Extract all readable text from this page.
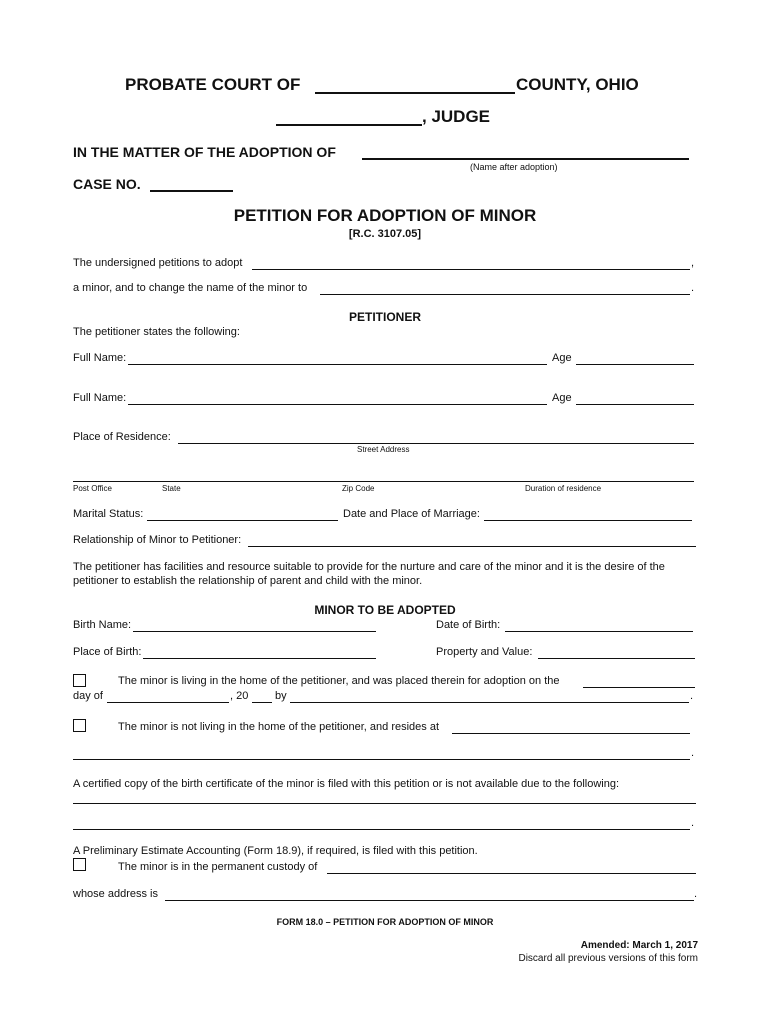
PROBATE COURT OF	COUNTY, OHIO
, JUDGE
IN THE MATTER OF THE ADOPTION OF
(Name after adoption)
CASE NO.
PETITION FOR ADOPTION OF MINOR
[R.C. 3107.05]
The undersigned petitions to adopt	,
a minor, and to change the name of the minor to	.
PETITIONER
The petitioner states the following:
Full Name:	Age
Full Name:	Age
Place of Residence:
Street Address
Post Office	State	Zip Code	Duration of residence
Marital Status:	Date and Place of Marriage:
Relationship of Minor to Petitioner:
The petitioner has facilities and resource suitable to provide for the nurture and care of the minor and it is the desire of the
petitioner to establish the relationship of parent and child with the minor.
MINOR TO BE ADOPTED
Birth Name:	Date of Birth:
Place of Birth:	Property and Value:
The minor is living in the home of the petitioner, and was placed therein for adoption on the
day of	, 20 by	.
The minor is not living in the home of the petitioner, and resides at
.
A certified copy of the birth certificate of the minor is filed with this petition or is not available due to the following:
.
A Preliminary Estimate Accounting (Form 18.9), if required, is filed with this petition.
The minor is in the permanent custody of
whose address is	.
FORM 18.0 – PETITION FOR ADOPTION OF MINOR
Amended: March 1, 2017
Discard all previous versions of this form
